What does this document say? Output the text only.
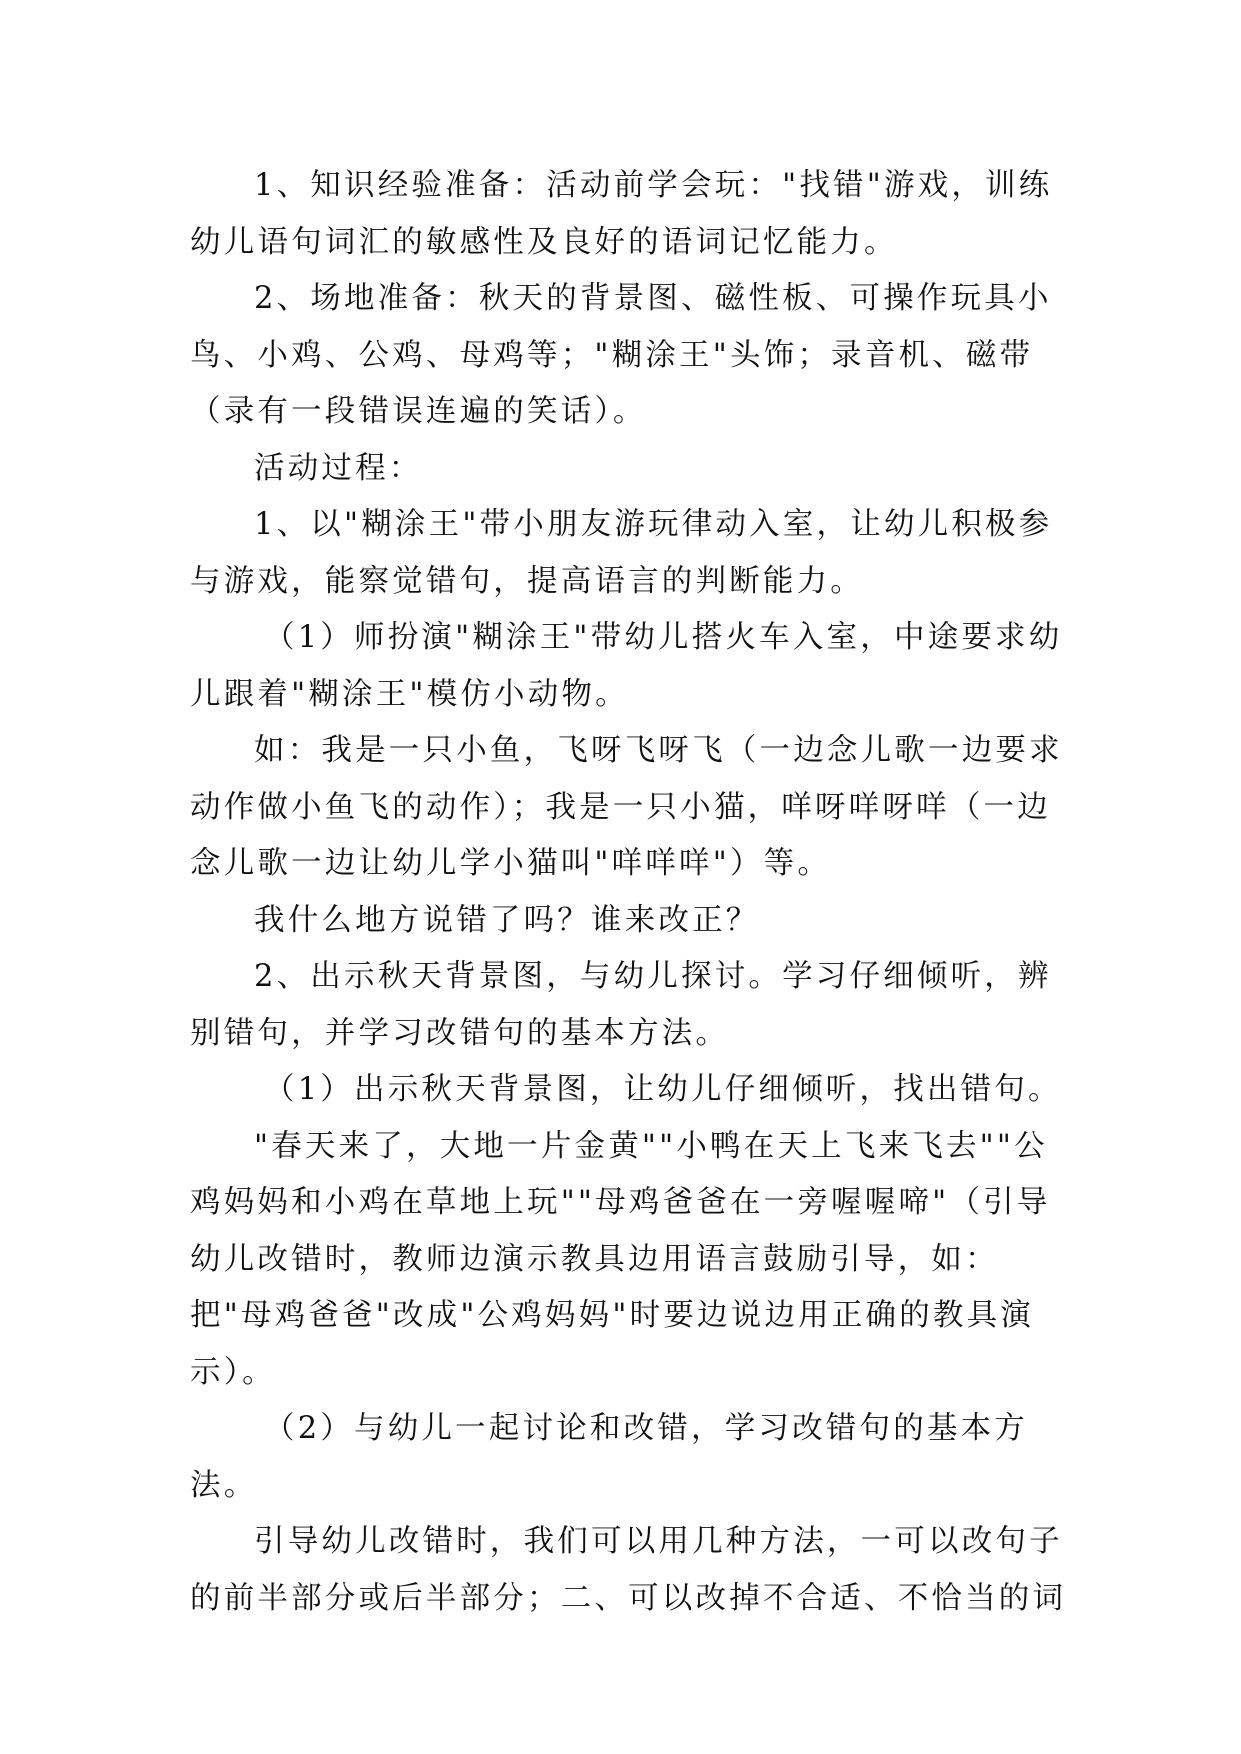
1、知识经验准备：活动前学会玩："找错"游戏，训练幼儿语句词汇的敏感性及良好的语词记忆能力。

2、场地准备：秋天的背景图、磁性板、可操作玩具小鸟、小鸡、公鸡、母鸡等；"糊涂王"头饰；录音机、磁带（录有一段错误连遍的笑话）。

活动过程：

1、以"糊涂王"带小朋友游玩律动入室，让幼儿积极参与游戏，能察觉错句，提高语言的判断能力。

（1）师扮演"糊涂王"带幼儿搭火车入室，中途要求幼儿跟着"糊涂王"模仿小动物。

如：我是一只小鱼，飞呀飞呀飞（一边念儿歌一边要求动作做小鱼飞的动作）；我是一只小猫，咩呀咩呀咩（一边念儿歌一边让幼儿学小猫叫"咩咩咩"）等。

我什么地方说错了吗？谁来改正？

2、出示秋天背景图，与幼儿探讨。学习仔细倾听，辨别错句，并学习改错句的基本方法。

（1）出示秋天背景图，让幼儿仔细倾听，找出错句。

"春天来了，大地一片金黄""小鸭在天上飞来飞去""公鸡妈妈和小鸡在草地上玩""母鸡爸爸在一旁喔喔啼"（引导幼儿改错时，教师边演示教具边用语言鼓励引导，如：把"母鸡爸爸"改成"公鸡妈妈"时要边说边用正确的教具演示）。

（2）与幼儿一起讨论和改错，学习改错句的基本方法。

引导幼儿改错时，我们可以用几种方法，一可以改句子的前半部分或后半部分；二、可以改掉不合适、不恰当的词
